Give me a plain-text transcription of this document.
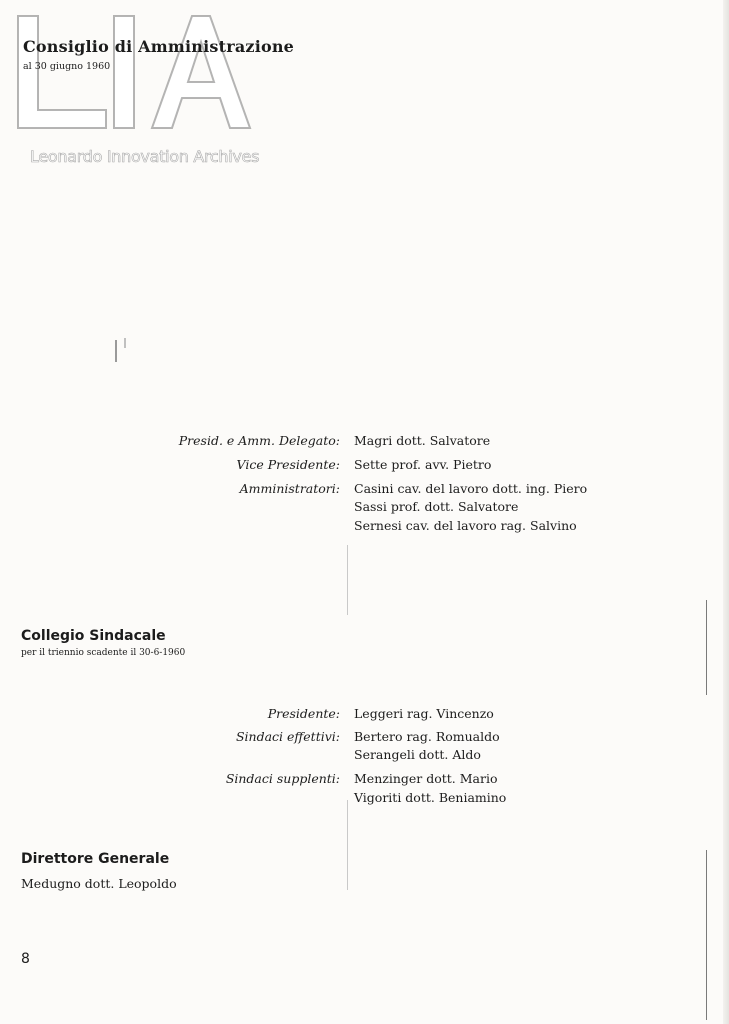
Leonardo Innovation Archives
Consiglio di Amministrazione
al 30 giugno 1960
Presid. e Amm. Delegato: Magri dott. Salvatore
Vice Presidente: Sette prof. avv. Pietro
Amministratori: Casini cav. del lavoro dott. ing. Piero
Sassi prof. dott. Salvatore
Sernesi cav. del lavoro rag. Salvino
Collegio Sindacale
per il triennio scadente il 30-6-1960
Presidente: Leggeri rag. Vincenzo
Sindaci effettivi: Bertero rag. Romualdo
Serangeli dott. Aldo
Sindaci supplenti: Menzinger dott. Mario
Vigoriti dott. Beniamino
Direttore Generale
Medugno dott. Leopoldo
8
